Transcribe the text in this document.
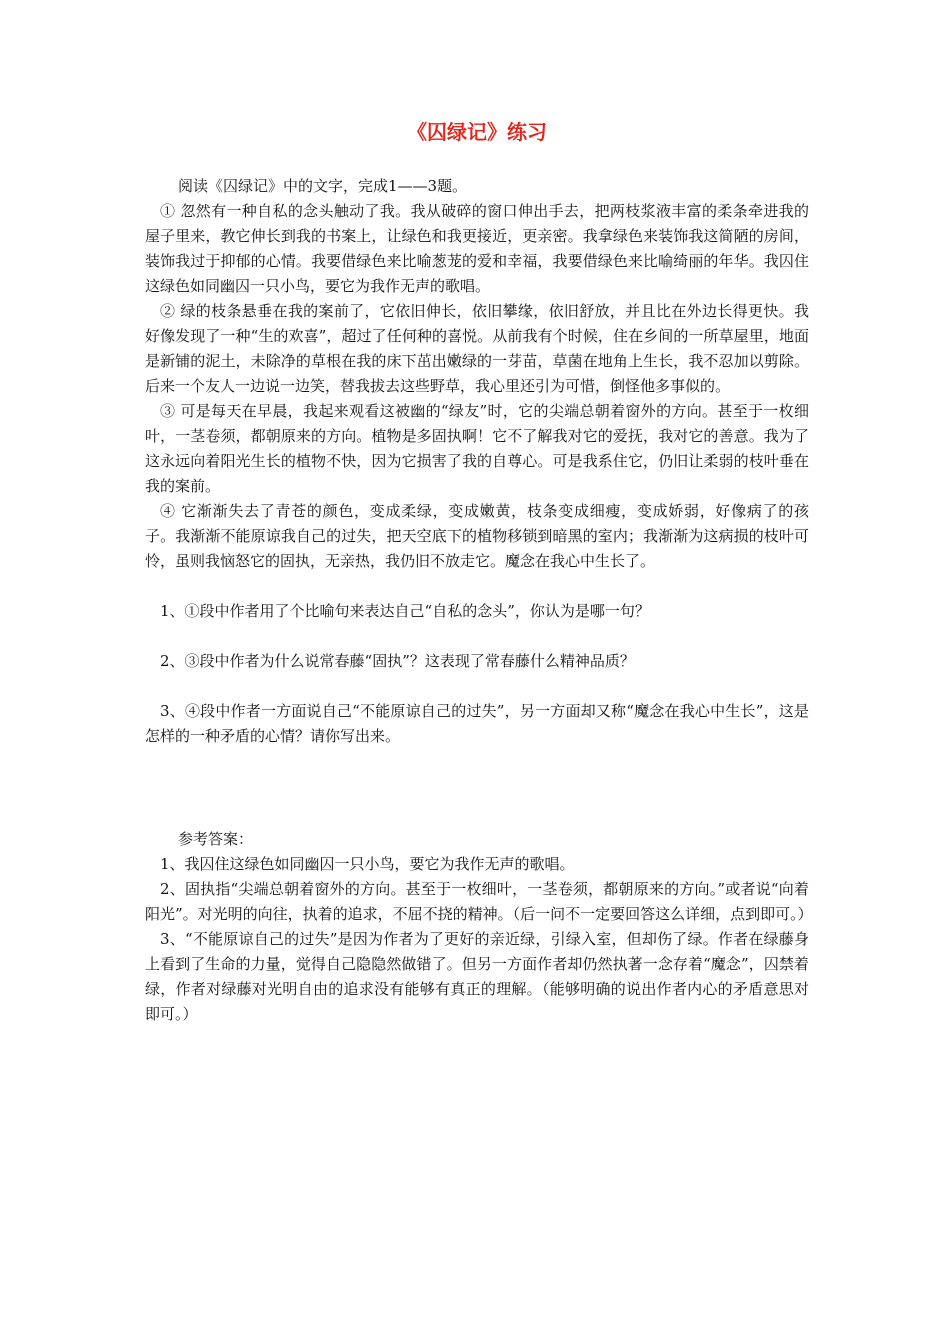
《囚绿记》练习

阅读《囚绿记》中的文字，完成1——3题。

① 忽然有一种自私的念头触动了我。我从破碎的窗口伸出手去，把两枝浆液丰富的柔条牵进我的屋子里来，教它伸长到我的书案上，让绿色和我更接近，更亲密。我拿绿色来装饰我这简陋的房间，装饰我过于抑郁的心情。我要借绿色来比喻葱茏的爱和幸福，我要借绿色来比喻绮丽的年华。我囚住这绿色如同幽囚一只小鸟，要它为我作无声的歌唱。

② 绿的枝条悬垂在我的案前了，它依旧伸长，依旧攀缘，依旧舒放，并且比在外边长得更快。我好像发现了一种“生的欢喜”，超过了任何种的喜悦。从前我有个时候，住在乡间的一所草屋里，地面是新铺的泥土，未除净的草根在我的床下茁出嫩绿的一芽苗，草菌在地角上生长，我不忍加以剪除。后来一个友人一边说一边笑，替我拔去这些野草，我心里还引为可惜，倒怪他多事似的。

③ 可是每天在早晨，我起来观看这被幽的“绿友”时，它的尖端总朝着窗外的方向。甚至于一枚细叶，一茎卷须，都朝原来的方向。植物是多固执啊！它不了解我对它的爱抚，我对它的善意。我为了这永远向着阳光生长的植物不快，因为它损害了我的自尊心。可是我系住它，仍旧让柔弱的枝叶垂在我的案前。

④ 它渐渐失去了青苍的颜色，变成柔绿，变成嫩黄，枝条变成细瘦，变成娇弱，好像病了的孩子。我渐渐不能原谅我自己的过失，把天空底下的植物移锁到暗黑的室内；我渐渐为这病损的枝叶可怜，虽则我恼怒它的固执，无亲热，我仍旧不放走它。魔念在我心中生长了。

1、①段中作者用了个比喻句来表达自己“自私的念头”，你认为是哪一句？

2、③段中作者为什么说常春藤“固执”？这表现了常春藤什么精神品质？

3、④段中作者一方面说自己“不能原谅自己的过失”，另一方面却又称“魔念在我心中生长”，这是怎样的一种矛盾的心情？请你写出来。

参考答案：

1、我囚住这绿色如同幽囚一只小鸟，要它为我作无声的歌唱。

2、固执指“尖端总朝着窗外的方向。甚至于一枚细叶，一茎卷须，都朝原来的方向。”或者说“向着阳光”。对光明的向往，执着的追求，不屈不挠的精神。（后一问不一定要回答这么详细，点到即可。）

3、“不能原谅自己的过失”是因为作者为了更好的亲近绿，引绿入室，但却伤了绿。作者在绿藤身上看到了生命的力量，觉得自己隐隐然做错了。但另一方面作者却仍然执著一念存着“魔念”，囚禁着绿，作者对绿藤对光明自由的追求没有能够有真正的理解。（能够明确的说出作者内心的矛盾意思对即可。）
